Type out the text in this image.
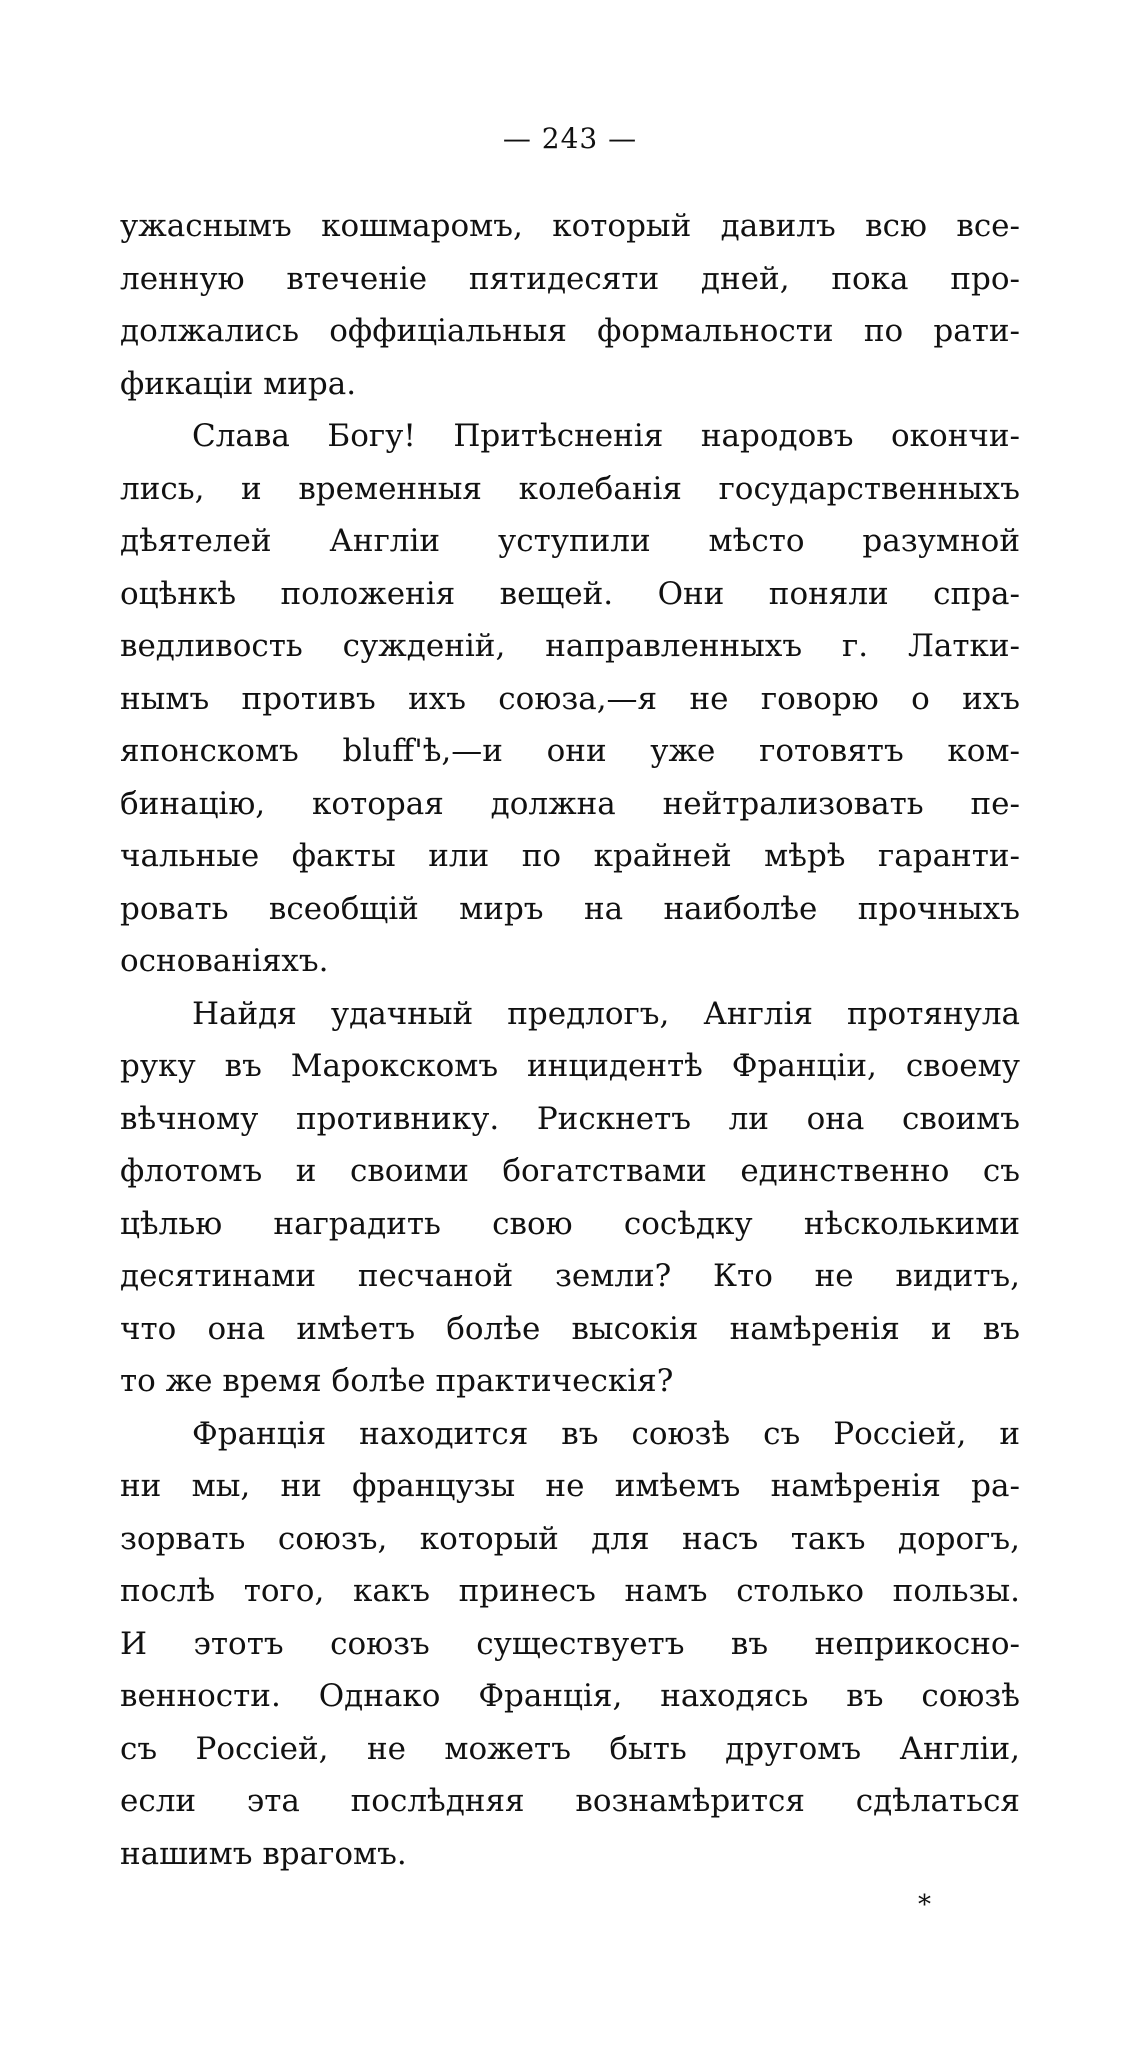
— 243 —
ужаснымъ кошмаромъ, который давилъ всю все-
ленную втеченіе пятидесяти дней, пока про-
должались оффиціальныя формальности по рати-
фикаціи мира.
Слава Богу! Притѣсненія народовъ окончи-
лись, и временныя колебанія государственныхъ
дѣятелей Англіи уступили мѣсто разумной
оцѣнкѣ положенія вещей. Они поняли спра-
ведливость сужденій, направленныхъ г. Латки-
нымъ противъ ихъ союза,—я не говорю о ихъ
японскомъ bluff'ѣ,—и они уже готовятъ ком-
бинацію, которая должна нейтрализовать пе-
чальные факты или по крайней мѣрѣ гаранти-
ровать всеобщій миръ на наиболѣе прочныхъ
основаніяхъ.
Найдя удачный предлогъ, Англія протянула
руку въ Марокскомъ инцидентѣ Франціи, своему
вѣчному противнику. Рискнетъ ли она своимъ
флотомъ и своими богатствами единственно съ
цѣлью наградить свою сосѣдку нѣсколькими
десятинами песчаной земли? Кто не видитъ,
что она имѣетъ болѣе высокія намѣренія и въ
то же время болѣе практическія?
Франція находится въ союзѣ съ Россіей, и
ни мы, ни французы не имѣемъ намѣренія ра-
зорвать союзъ, который для насъ такъ дорогъ,
послѣ того, какъ принесъ намъ столько пользы.
И этотъ союзъ существуетъ въ неприкосно-
венности. Однако Франція, находясь въ союзѣ
съ Россіей, не можетъ быть другомъ Англіи,
если эта послѣдняя вознамѣрится сдѣлаться
нашимъ врагомъ.
*
